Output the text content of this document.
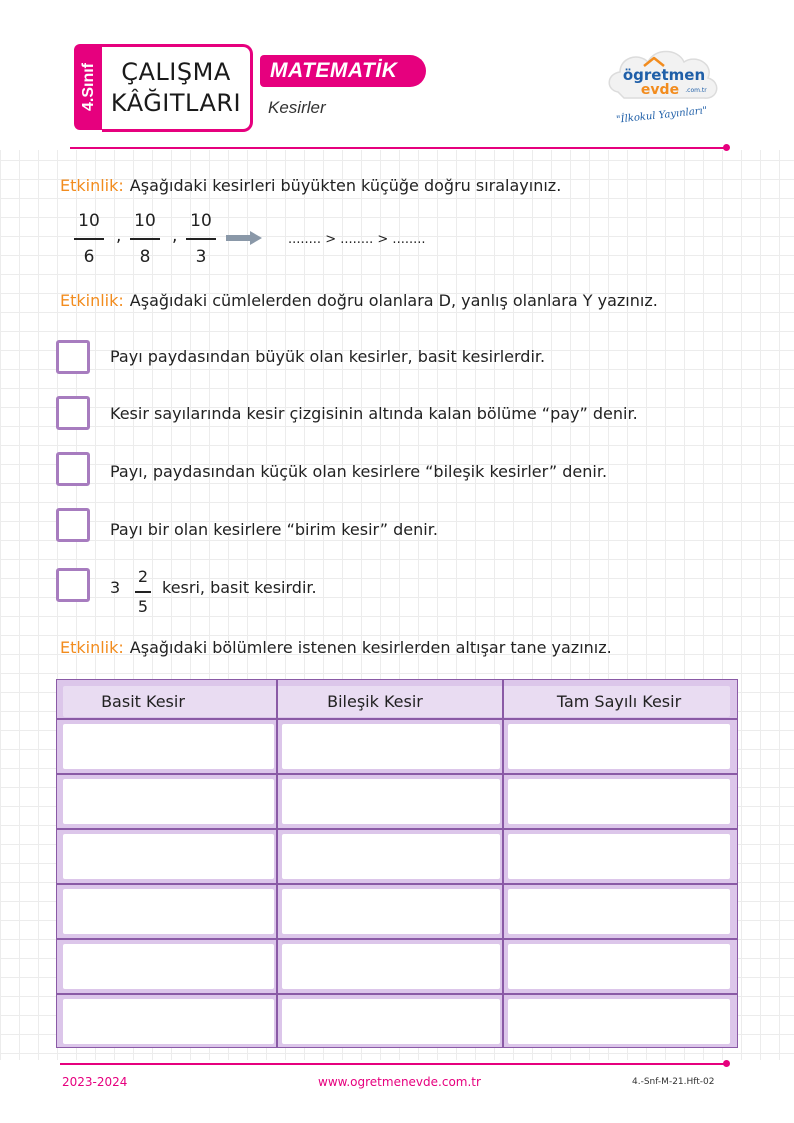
4.Sınıf ÇALIŞMA
KÂĞITLARI
MATEMATİK
Kesirler
ögretmen
evde .com.tr
"İlkokul Yayınları"
Etkinlik: Aşağıdaki kesirleri büyükten küçüğe doğru sıralayınız.
10
6
,
10
8
,
10
3
........ > ........ > ........
Etkinlik: Aşağıdaki cümlelerden doğru olanlara D, yanlış olanlara Y yazınız.
Payı paydasından büyük olan kesirler, basit kesirlerdir.
Kesir sayılarında kesir çizgisinin altında kalan bölüme “pay” denir.
Payı, paydasından küçük olan kesirlere “bileşik kesirler” denir.
Payı bir olan kesirlere “birim kesir” denir.
3
2
5
kesri, basit kesirdir.
Etkinlik: Aşağıdaki bölümlere istenen kesirlerden altışar tane yazınız.
Basit Kesir	Bileşik Kesir	Tam Sayılı Kesir
2023-2024	www.ogretmenevde.com.tr	4.-Snf-M-21.Hft-02
